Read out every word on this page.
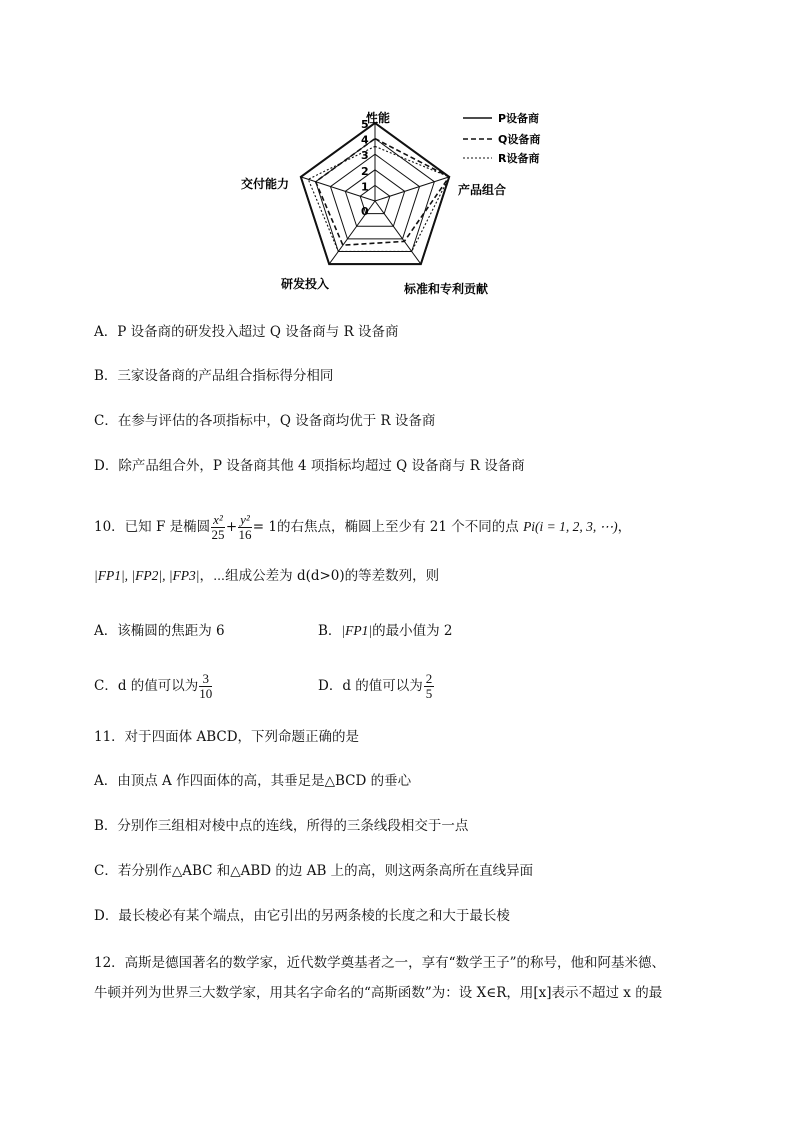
0
1
2
3
4
5
性能
产品组合
标准和专利贡献
研发投入
交付能力
P设备商
Q设备商
R设备商
A．P 设备商的研发投入超过 Q 设备商与 R 设备商
B．三家设备商的产品组合指标得分相同
C．在参与评估的各项指标中，Q 设备商均优于 R 设备商
D．除产品组合外，P 设备商其他 4 项指标均超过 Q 设备商与 R 设备商
10．已知 F 是椭圆 $\frac{\text{x²}}{25} + \frac{\text{y²}}{16} = 1$的右焦点，椭圆上至少有 21 个不同的点 Pi(i = 1, 2, 3, ⋯)，
|FP1|, |FP2|, |FP3|，⋯组成公差为 d(d>0)的等差数列，则
A．该椭圆的焦距为 6	B．|FP1|的最小值为 2
C．d 的值可以为 $\frac{3}{10}$	D．d 的值可以为 $\frac{2}{5}$
11．对于四面体 ABCD，下列命题正确的是
A．由顶点 A 作四面体的高，其垂足是△BCD 的垂心
B．分别作三组相对棱中点的连线，所得的三条线段相交于一点
C．若分别作△ABC 和△ABD 的边 AB 上的高，则这两条高所在直线异面
D．最长棱必有某个端点，由它引出的另两条棱的长度之和大于最长棱
12．高斯是德国著名的数学家，近代数学奠基者之一，享有“数学王子”的称号，他和阿基米德、
牛顿并列为世界三大数学家，用其名字命名的“高斯函数”为：设 X∈R，用[x]表示不超过 x 的最
